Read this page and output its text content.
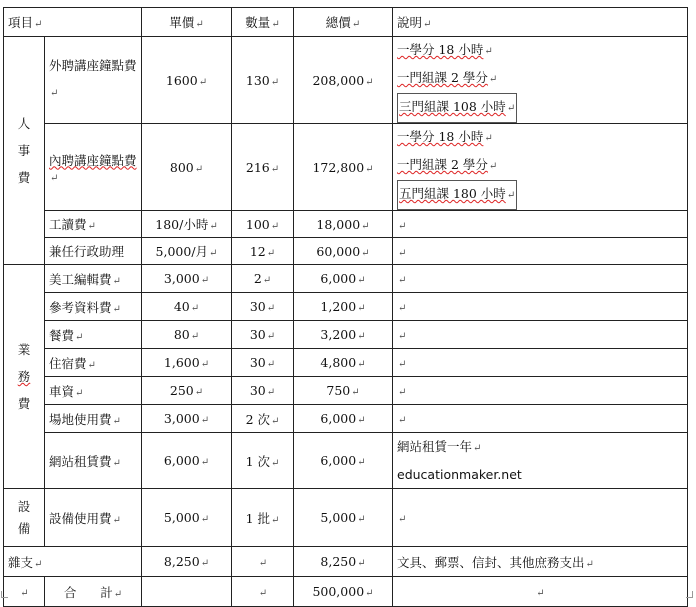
項目↵		單價↵	數量↵	總價↵	說明↵

人
事
費	外聘講座鐘點費↵	1600↵	130↵	208,000↵	一學分 18 小時↵
一門組課 2 學分↵
三門組課 108 小時↵
	內聘講座鐘點費↵	800↵	216↵	172,800↵	一學分 18 小時↵
一門組課 2 學分↵
五門組課 180 小時↵
	工讀費↵	180/小時↵	100↵	18,000↵	↵
	兼任行政助理	5,000/月↵	12↵	60,000↵	↵

業
務
費	美工編輯費↵	3,000↵	2↵	6,000↵	↵
	參考資料費↵	40↵	30↵	1,200↵	↵
	餐費↵	80↵	30↵	3,200↵	↵
	住宿費↵	1,600↵	30↵	4,800↵	↵
	車資↵	250↵	30↵	750↵	↵
	場地使用費↵	3,000↵	2 次↵	6,000↵	↵
	網站租賃費↵	6,000↵	1 次↵	6,000↵	網站租賃一年↵
educationmaker.net

設
備	設備使用費↵	5,000↵	1 批↵	5,000↵	↵
雜支↵		8,250↵	↵	8,250↵	文具、郵票、信封、其他庶務支出↵
↵	合 計↵		↵	500,000↵	↵
